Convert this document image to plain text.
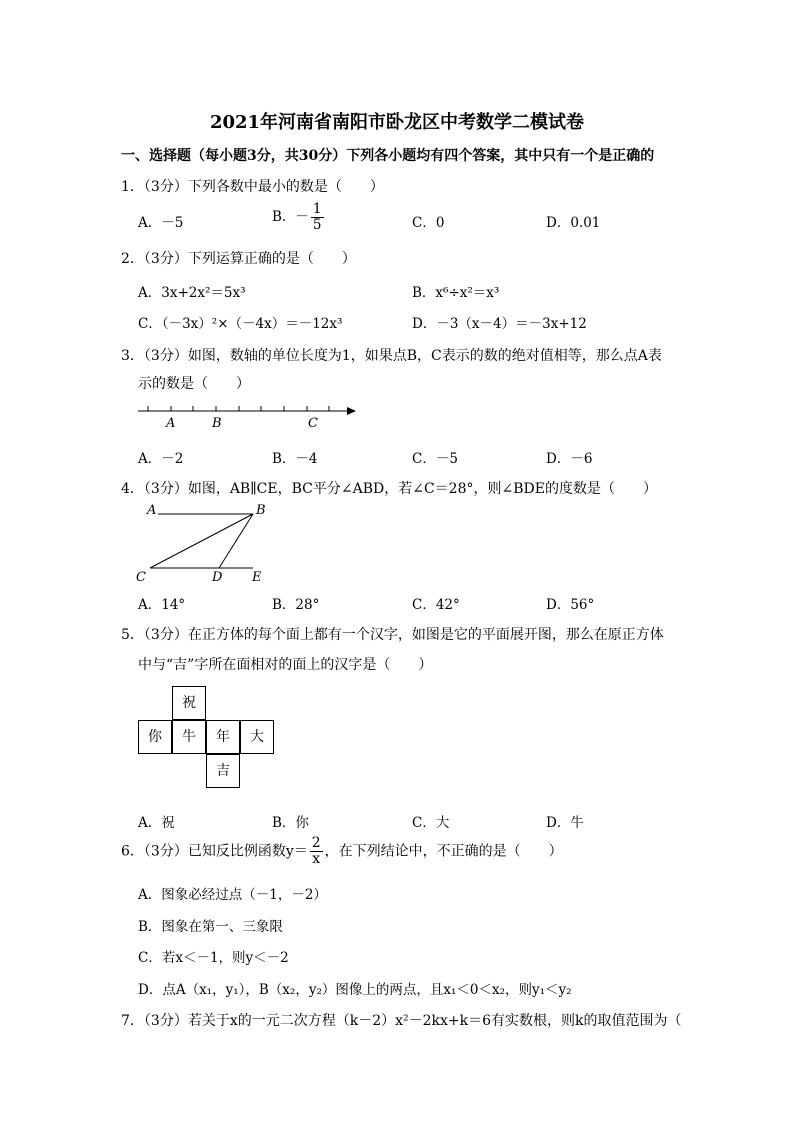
2021年河南省南阳市卧龙区中考数学二模试卷
一、选择题（每小题3分，共30分）下列各小题均有四个答案，其中只有一个是正确的
1．（3分）下列各数中最小的数是（　　）
A．－5	B．－ $\frac{1}{5}$	C．0	D．0.01
2．（3分）下列运算正确的是（　　）
A．3x+2x²＝5x³	B．x⁶÷x²＝x³
C．（－3x）²×（－4x）＝－12x³	D．－3（x－4）＝－3x+12
3．（3分）如图，数轴的单位长度为1，如果点B，C表示的数的绝对值相等，那么点A表
示的数是（　　）
A	B	C
A．－2	B．－4	C．－5	D．－6
4．（3分）如图，AB∥CE，BC平分∠ABD，若∠C＝28°，则∠BDE的度数是（　　）
A	B
C	D E
A．14°	B．28°	C．42°	D．56°
5．（3分）在正方体的每个面上都有一个汉字，如图是它的平面展开图，那么在原正方体
中与“吉”字所在面相对的面上的汉字是（　　）
祝
你	牛	年	大
吉
A．祝	B．你	C．大	D．牛
6．（3分）已知反比例函数$y= \frac{2}{x}$ ，在下列结论中，不正确的是（　　）
A．图象必经过点（－1，－2）
B．图象在第一、三象限
C．若x＜－1，则y＜－2
D．点A（x₁，y₁），B（x₂，y₂）图像上的两点，且x₁＜0＜x₂，则y₁＜y₂
7．（3分）若关于x的一元二次方程（k－2）x²－2kx+k＝6有实数根，则k的取值范围为（
